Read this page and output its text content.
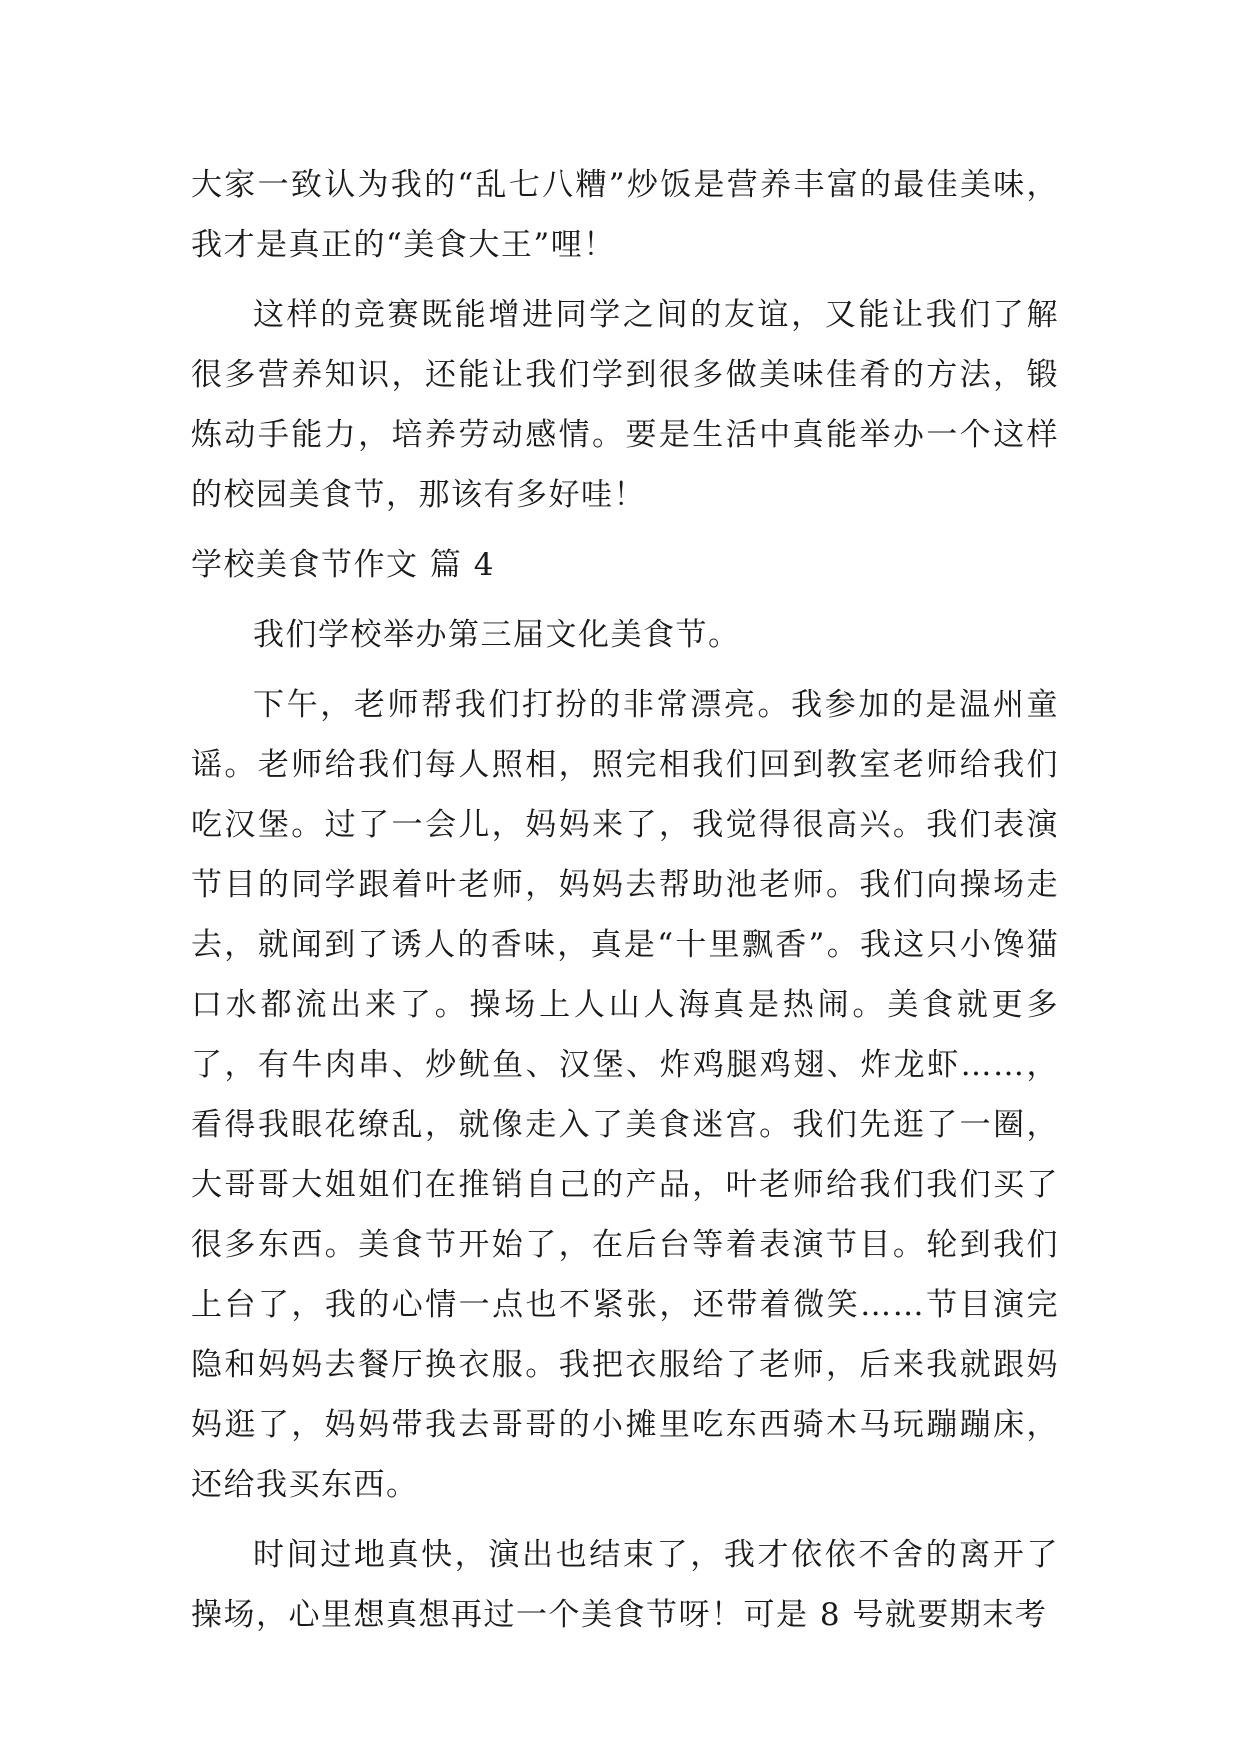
大家一致认为我的“乱七八糟”炒饭是营养丰富的最佳美味，我才是真正的“美食大王”哩！

这样的竞赛既能增进同学之间的友谊，又能让我们了解很多营养知识，还能让我们学到很多做美味佳肴的方法，锻炼动手能力，培养劳动感情。要是生活中真能举办一个这样的校园美食节，那该有多好哇！

学校美食节作文 篇 4

我们学校举办第三届文化美食节。

下午，老师帮我们打扮的非常漂亮。我参加的是温州童谣。老师给我们每人照相，照完相我们回到教室老师给我们吃汉堡。过了一会儿，妈妈来了，我觉得很高兴。我们表演节目的同学跟着叶老师，妈妈去帮助池老师。我们向操场走去，就闻到了诱人的香味，真是“十里飘香”。我这只小馋猫口水都流出来了。操场上人山人海真是热闹。美食就更多了，有牛肉串、炒鱿鱼、汉堡、炸鸡腿鸡翅、炸龙虾……，看得我眼花缭乱，就像走入了美食迷宫。我们先逛了一圈，大哥哥大姐姐们在推销自己的产品，叶老师给我们我们买了很多东西。美食节开始了，在后台等着表演节目。轮到我们上台了，我的心情一点也不紧张，还带着微笑……节目演完隐和妈妈去餐厅换衣服。我把衣服给了老师，后来我就跟妈妈逛了，妈妈带我去哥哥的小摊里吃东西骑木马玩蹦蹦床，还给我买东西。

时间过地真快，演出也结束了，我才依依不舍的离开了操场，心里想真想再过一个美食节呀！可是 8 号就要期末考
